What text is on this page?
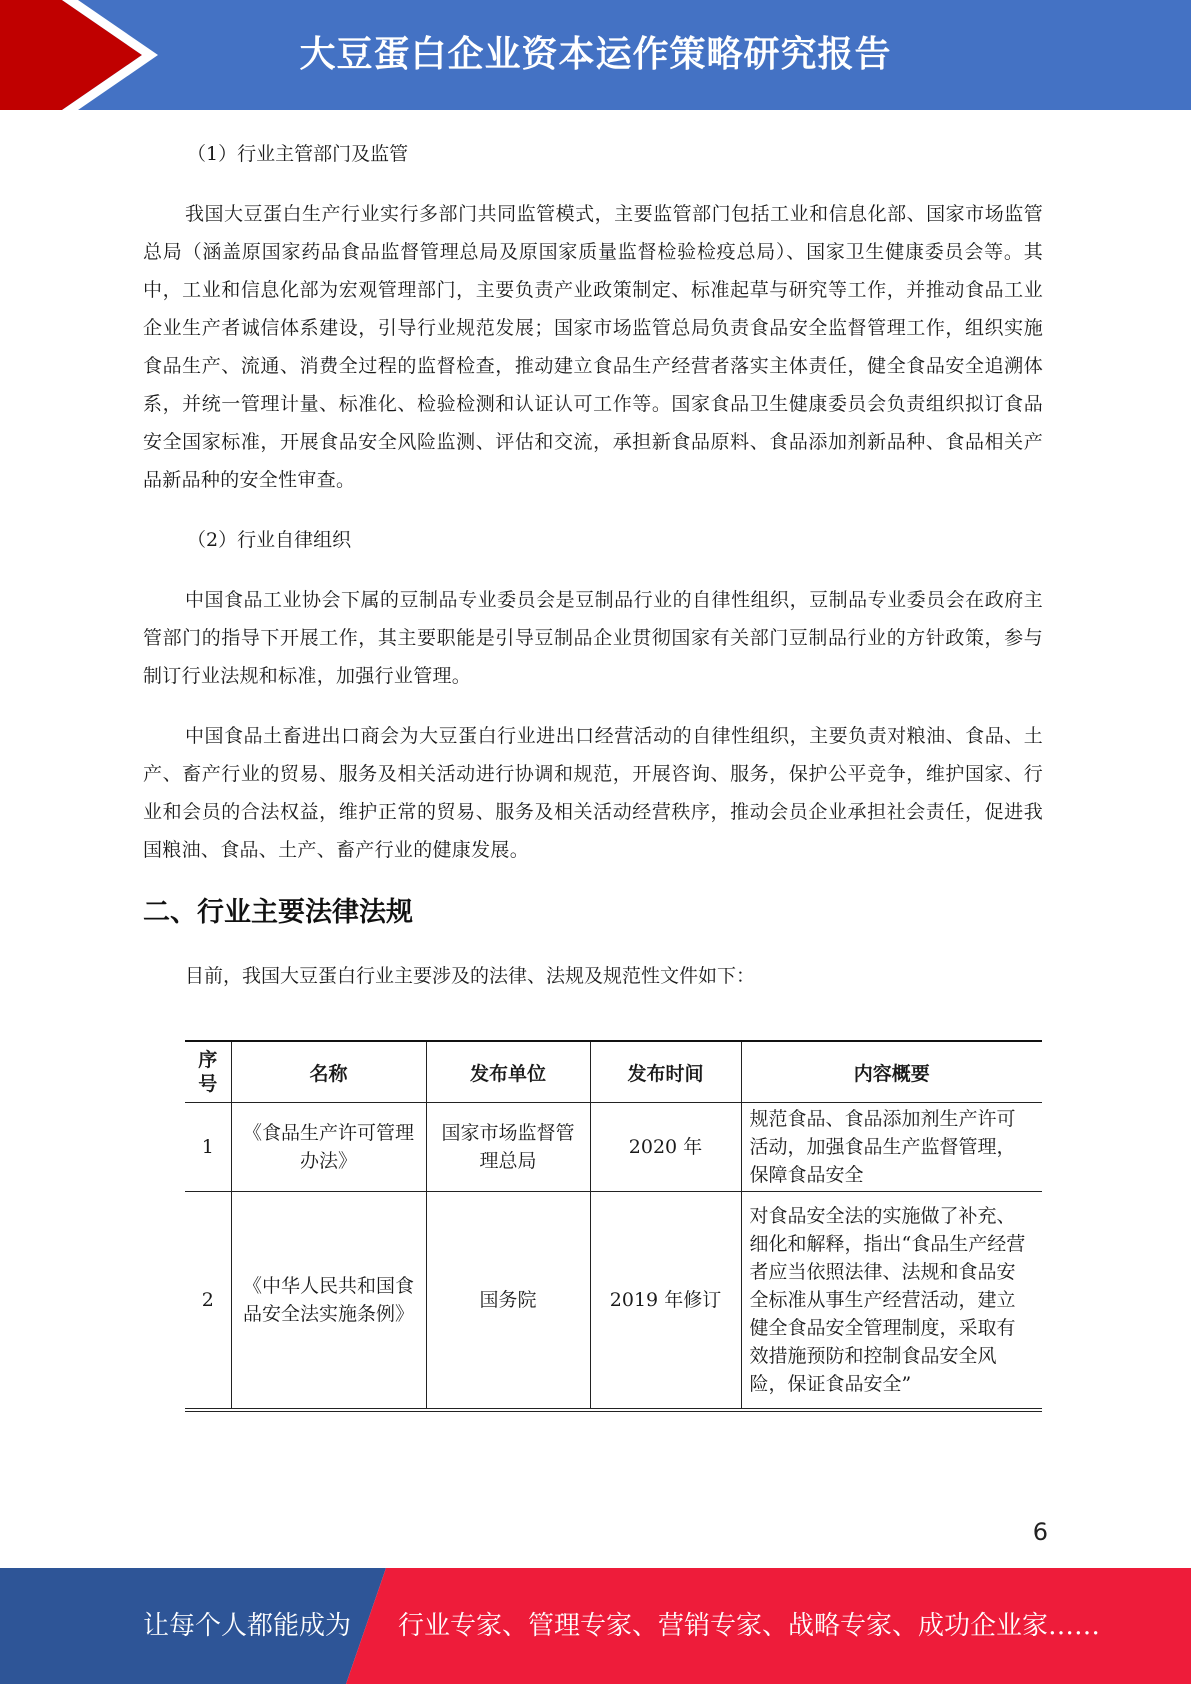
大豆蛋白企业资本运作策略研究报告

（1）行业主管部门及监管

我国大豆蛋白生产行业实行多部门共同监管模式，主要监管部门包括工业和信息化部、国家市场监管总局（涵盖原国家药品食品监督管理总局及原国家质量监督检验检疫总局）、国家卫生健康委员会等。其中，工业和信息化部为宏观管理部门，主要负责产业政策制定、标准起草与研究等工作，并推动食品工业企业生产者诚信体系建设，引导行业规范发展；国家市场监管总局负责食品安全监督管理工作，组织实施食品生产、流通、消费全过程的监督检查，推动建立食品生产经营者落实主体责任，健全食品安全追溯体系，并统一管理计量、标准化、检验检测和认证认可工作等。国家食品卫生健康委员会负责组织拟订食品安全国家标准，开展食品安全风险监测、评估和交流，承担新食品原料、食品添加剂新品种、食品相关产品新品种的安全性审查。

（2）行业自律组织

中国食品工业协会下属的豆制品专业委员会是豆制品行业的自律性组织，豆制品专业委员会在政府主管部门的指导下开展工作，其主要职能是引导豆制品企业贯彻国家有关部门豆制品行业的方针政策，参与制订行业法规和标准，加强行业管理。

中国食品土畜进出口商会为大豆蛋白行业进出口经营活动的自律性组织，主要负责对粮油、食品、土产、畜产行业的贸易、服务及相关活动进行协调和规范，开展咨询、服务，保护公平竞争，维护国家、行业和会员的合法权益，维护正常的贸易、服务及相关活动经营秩序，推动会员企业承担社会责任，促进我国粮油、食品、土产、畜产行业的健康发展。

二、行业主要法律法规

目前，我国大豆蛋白行业主要涉及的法律、法规及规范性文件如下：

序号	名称	发布单位	发布时间	内容概要
1	《食品生产许可管理办法》	国家市场监督管理总局	2020 年	规范食品、食品添加剂生产许可活动，加强食品生产监督管理，保障食品安全
2	《中华人民共和国食品安全法实施条例》	国务院	2019 年修订	对食品安全法的实施做了补充、细化和解释，指出“食品生产经营者应当依照法律、法规和食品安全标准从事生产经营活动，建立健全食品安全管理制度，采取有效措施预防和控制食品安全风险，保证食品安全”
6
让每个人都能成为 行业专家、管理专家、营销专家、战略专家、成功企业家……
